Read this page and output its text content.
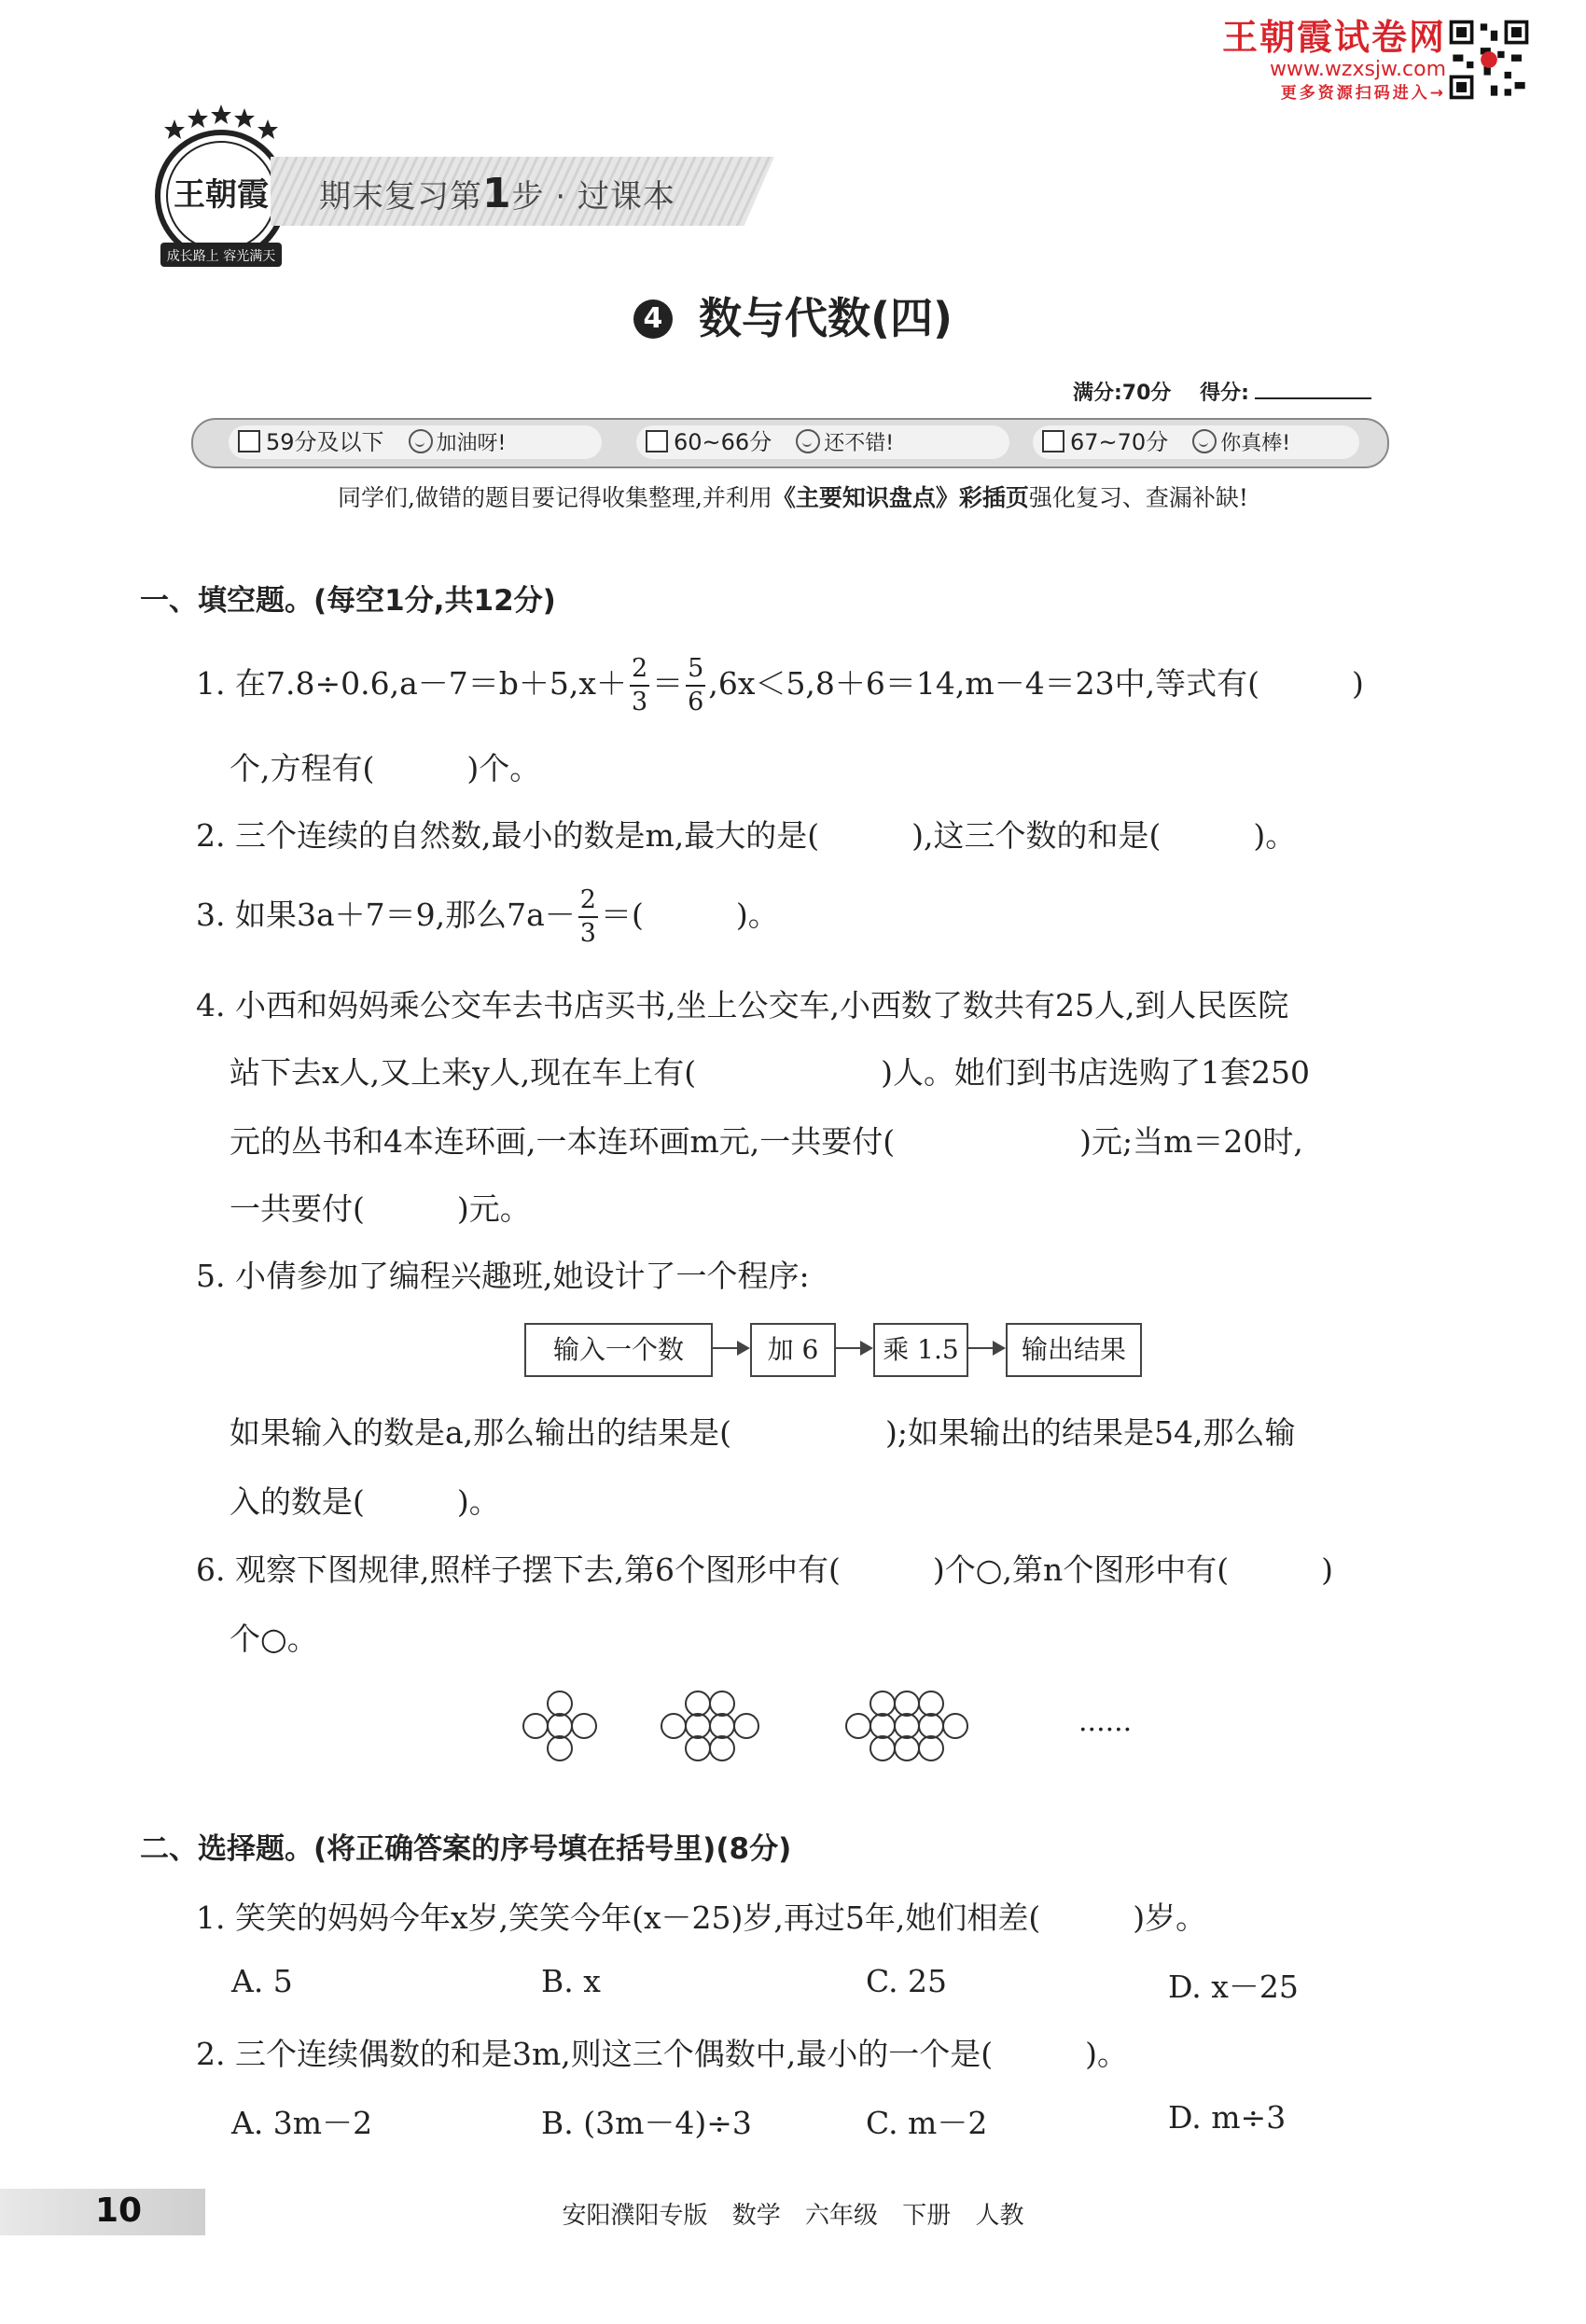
王朝霞试卷网
www.wzxsjw.com
更多资源扫码进入→
王朝霞
成长路上 容光满天
期末复习第1步 · 过课本
4 数与代数(四)
满分:70分 得分:
59分及以下	加油呀!	60~66分	还不错!	67~70分	你真棒!
同学们,做错的题目要记得收集整理,并利用《主要知识盘点》彩插页强化复习、查漏补缺!
一、填空题。(每空1分,共12分)
1. 在$7.8\div 0.6,a-7=b+5,x+ \frac{2}{3} = \frac{5}{6} ,6x<5,8+6=14,m-4=23$中,等式有(　　　)
个,方程有(　　　)个。
2. 三个连续的自然数,最小的数是m,最大的是(　　　),这三个数的和是(　　　)。
3. 如果3a＋7＝9,那么$7a- \frac{2}{3}$ ＝(　　　)。
4. 小西和妈妈乘公交车去书店买书,坐上公交车,小西数了数共有25人,到人民医院
站下去x人,又上来y人,现在车上有(　　　　　　)人。她们到书店选购了1套250
元的丛书和4本连环画,一本连环画m元,一共要付(　　　　　　)元;当m＝20时,
一共要付(　　　)元。
5. 小倩参加了编程兴趣班,她设计了一个程序:
输入一个数	加 6	乘 1.5	输出结果
如果输入的数是a,那么输出的结果是(　　　　　);如果输出的结果是54,那么输
入的数是(　　　)。
6. 观察下图规律,照样子摆下去,第6个图形中有(　　　)个○,第n个图形中有(　　　)
个○。
......
二、选择题。(将正确答案的序号填在括号里)(8分)
1. 笑笑的妈妈今年x岁,笑笑今年(x－25)岁,再过5年,她们相差(　　　)岁。
A. 5	B. x	C. 25	D. x－25
2. 三个连续偶数的和是3m,则这三个偶数中,最小的一个是(　　　)。
A. 3m－2	B. (3m－4)÷3	C. m－2	D. m÷3
10	安阳濮阳专版 数学 六年级 下册 人教
